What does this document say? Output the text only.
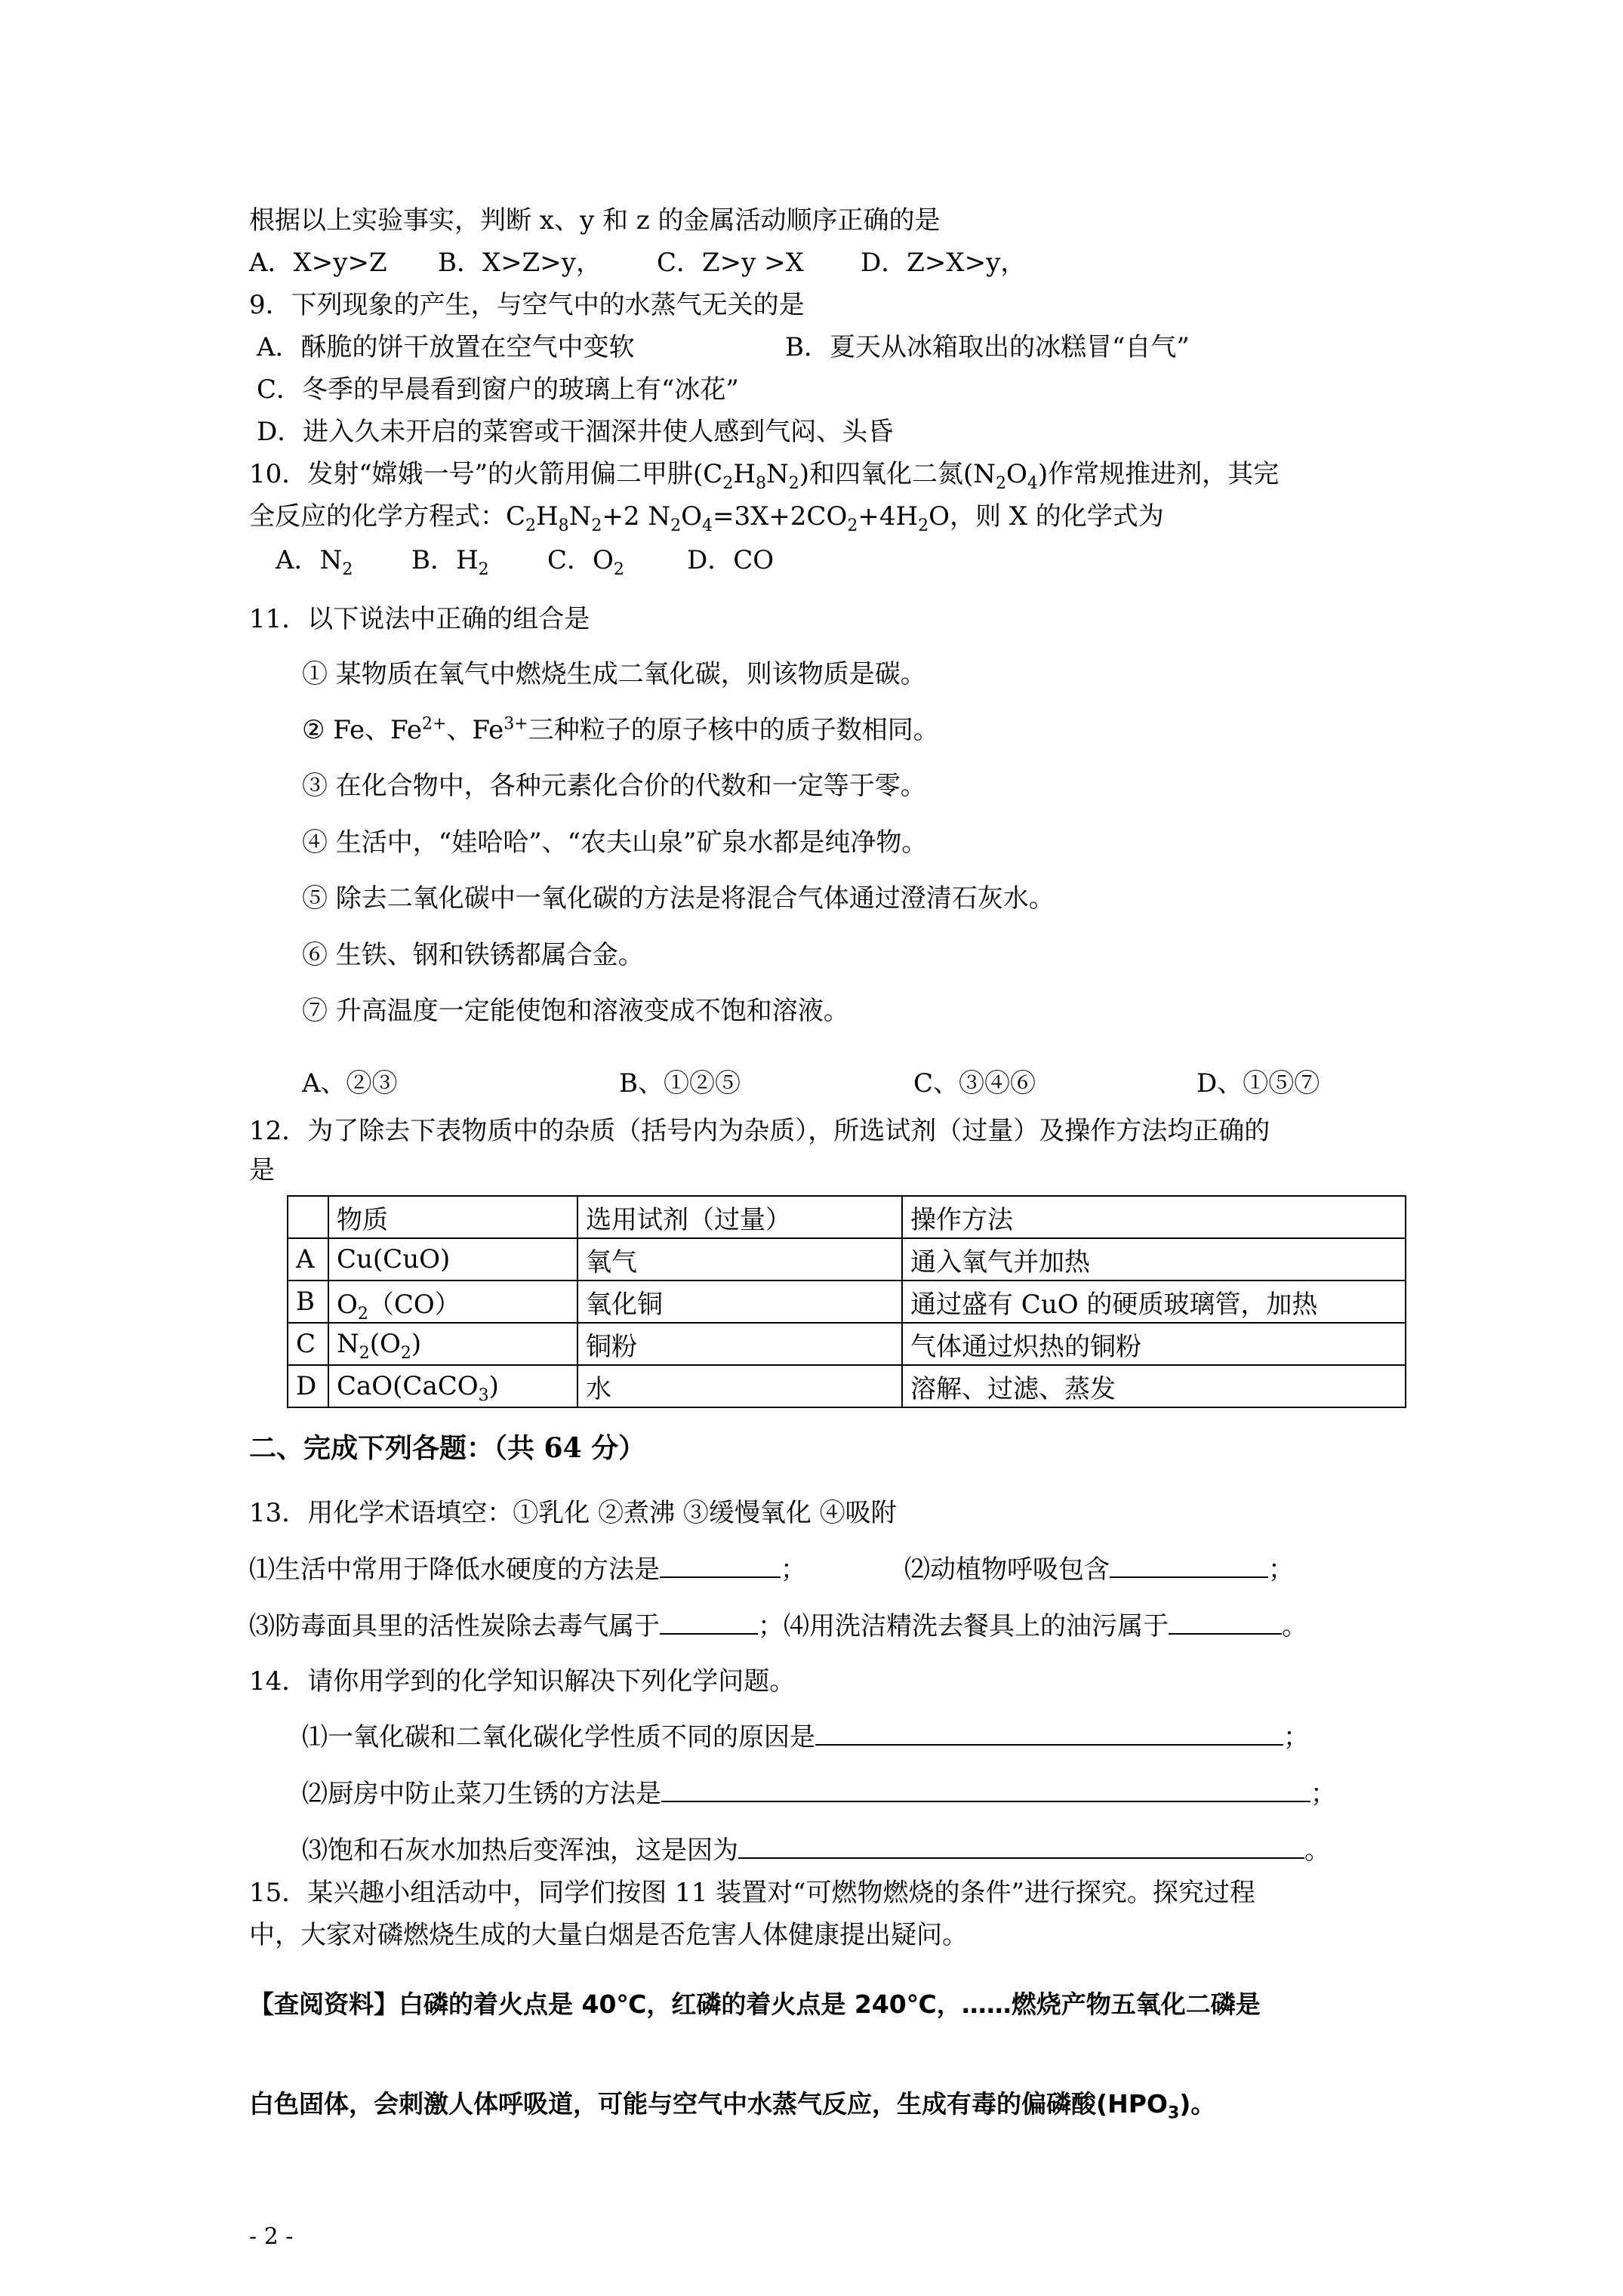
根据以上实验事实，判断 x、y 和 z 的金属活动顺序正确的是
A．X>y>Z B．X>Z>y， C．Z>y >X D．Z>X>y，
9．下列现象的产生，与空气中的水蒸气无关的是
A．酥脆的饼干放置在空气中变软	B．夏天从冰箱取出的冰糕冒“自气”
C．冬季的早晨看到窗户的玻璃上有“冰花”
D．进入久未开启的菜窖或干涸深井使人感到气闷、头昏
10．发射“嫦娥一号”的火箭用偏二甲肼$(C_2H_8N_2)$和四氧化二氮$(N_2O_4)$作常规推进剂，其完
全反应的化学方程式：$C_2H_8N_2+2$ $N_2O_4=3X+2CO_2+4H_2O$，则 X 的化学式为
A．$N_2$ B．$H_2$ C．$O_2$ D．CO
11．以下说法中正确的组合是
① 某物质在氧气中燃烧生成二氧化碳，则该物质是碳。
② Fe、$Fe^{2+}$、$Fe^{3+}$三种粒子的原子核中的质子数相同。
③ 在化合物中，各种元素化合价的代数和一定等于零。
④ 生活中，“娃哈哈”、“农夫山泉”矿泉水都是纯净物。
⑤ 除去二氧化碳中一氧化碳的方法是将混合气体通过澄清石灰水。
⑥ 生铁、钢和铁锈都属合金。
⑦ 升高温度一定能使饱和溶液变成不饱和溶液。
A、②③	B、①②⑤	C、③④⑥	D、①⑤⑦
12．为了除去下表物质中的杂质（括号内为杂质），所选试剂（过量）及操作方法均正确的
是
	物质	选用试剂（过量）	操作方法
A	Cu(CuO)	氧气	通入氧气并加热
B	$O_2(CO)$	氧化铜	通过盛有 CuO 的硬质玻璃管，加热
C	$N_2(O_2)$	铜粉	气体通过炽热的铜粉
D	CaO(CaCO$_3$)	水	溶解、过滤、蒸发
二、完成下列各题：（共 64 分）
13．用化学术语填空：①乳化 ②煮沸 ③缓慢氧化 ④吸附
⑴生活中常用于降低水硬度的方法是	；	⑵动植物呼吸包含	；
⑶防毒面具里的活性炭除去毒气属于	；⑷用洗洁精洗去餐具上的油污属于	。
14．请你用学到的化学知识解决下列化学问题。
⑴一氧化碳和二氧化碳化学性质不同的原因是	；
⑵厨房中防止菜刀生锈的方法是	；
⑶饱和石灰水加热后变浑浊，这是因为	。
15．某兴趣小组活动中，同学们按图 11 装置对“可燃物燃烧的条件”进行探究。探究过程
中，大家对磷燃烧生成的大量白烟是否危害人体健康提出疑问。
【查阅资料】白磷的着火点是 40℃，红磷的着火点是 240℃，……燃烧产物五氧化二磷是
白色固体，会刺激人体呼吸道，可能与空气中水蒸气反应，生成有毒的偏磷酸$(HPO_3)$。
- 2 -
